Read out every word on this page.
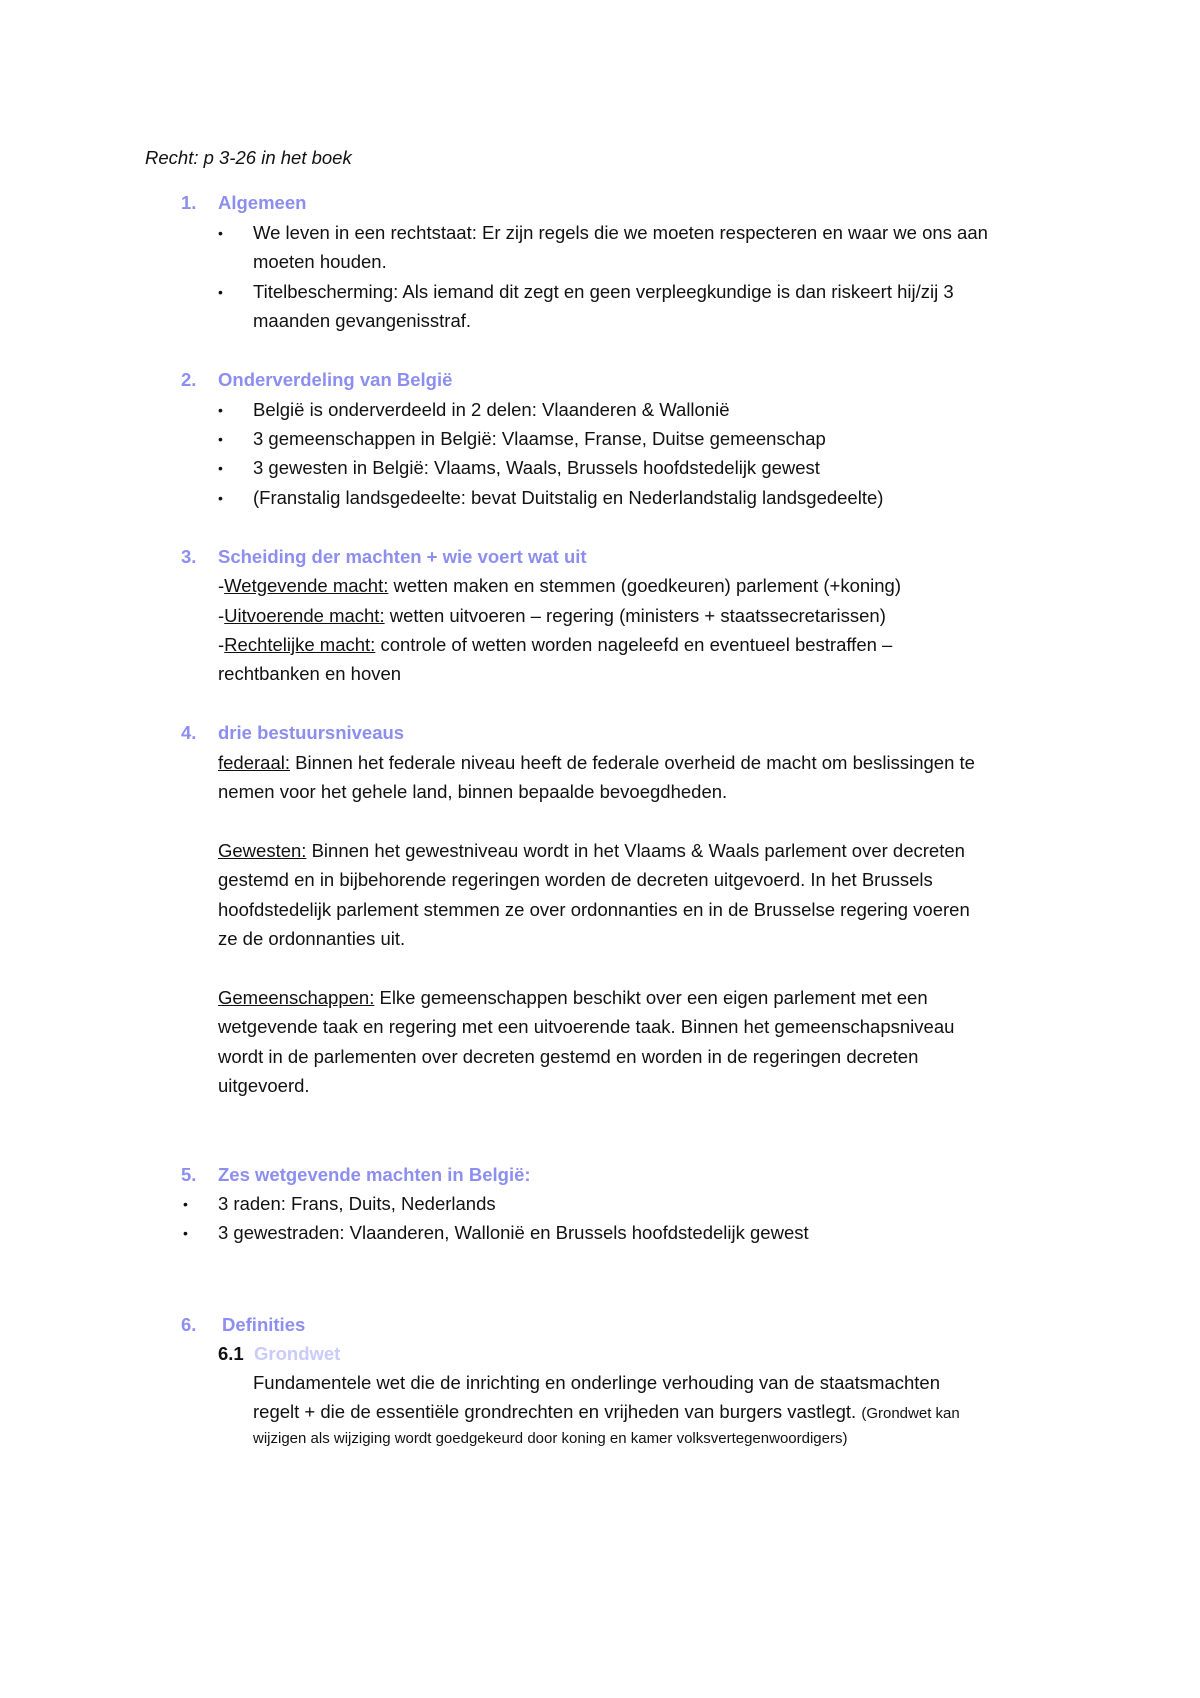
Recht: p 3-26 in het boek
1. Algemeen
• We leven in een rechtstaat: Er zijn regels die we moeten respecteren en waar we ons aan
moeten houden.
• Titelbescherming: Als iemand dit zegt en geen verpleegkundige is dan riskeert hij/zij 3
maanden gevangenisstraf.
2. Onderverdeling van België
• België is onderverdeeld in 2 delen: Vlaanderen & Wallonië
• 3 gemeenschappen in België: Vlaamse, Franse, Duitse gemeenschap
• 3 gewesten in België: Vlaams, Waals, Brussels hoofdstedelijk gewest
• (Franstalig landsgedeelte: bevat Duitstalig en Nederlandstalig landsgedeelte)
3. Scheiding der machten + wie voert wat uit
-Wetgevende macht: wetten maken en stemmen (goedkeuren) parlement (+koning)
-Uitvoerende macht: wetten uitvoeren – regering (ministers + staatssecretarissen)
-Rechtelijke macht: controle of wetten worden nageleefd en eventueel bestraffen –
rechtbanken en hoven
4. drie bestuursniveaus
federaal: Binnen het federale niveau heeft de federale overheid de macht om beslissingen te
nemen voor het gehele land, binnen bepaalde bevoegdheden.
Gewesten: Binnen het gewestniveau wordt in het Vlaams & Waals parlement over decreten
gestemd en in bijbehorende regeringen worden de decreten uitgevoerd. In het Brussels
hoofdstedelijk parlement stemmen ze over ordonnanties en in de Brusselse regering voeren
ze de ordonnanties uit.
Gemeenschappen: Elke gemeenschappen beschikt over een eigen parlement met een
wetgevende taak en regering met een uitvoerende taak. Binnen het gemeenschapsniveau
wordt in de parlementen over decreten gestemd en worden in de regeringen decreten
uitgevoerd.
5. Zes wetgevende machten in België:
• 3 raden: Frans, Duits, Nederlands
• 3 gewestraden: Vlaanderen, Wallonië en Brussels hoofdstedelijk gewest
6. Definities
6.1 Grondwet
Fundamentele wet die de inrichting en onderlinge verhouding van de staatsmachten
regelt + die de essentiële grondrechten en vrijheden van burgers vastlegt. (Grondwet kan
wijzigen als wijziging wordt goedgekeurd door koning en kamer volksvertegenwoordigers)
